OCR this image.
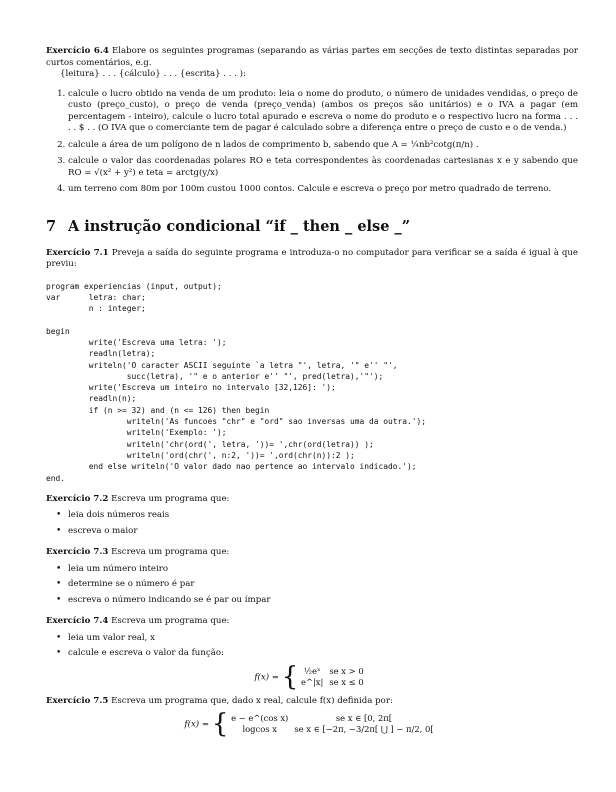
Exercício 6.4 Elabore os seguintes programas (separando as várias partes em secções de texto distintas separadas por curtos comentários, e.g.

{leitura} . . . {cálculo} . . . {escrita} . . . ):

1. calcule o lucro obtido na venda de um produto: leia o nome do produto, o número de unidades vendidas, o preço de custo (preço_custo), o preço de venda (preço_venda) (ambos os preços são unitários) e o IVA a pagar (em percentagem - inteiro), calcule o lucro total apurado e escreva o nome do produto e o respectivo lucro na forma . . . . . $ . . (O IVA que o comerciante tem de pagar é calculado sobre a diferença entre o preço de custo e o de venda.)
2. calcule a área de um polígono de n lados de comprimento b, sabendo que A = ¼nb²cotg(π/n) .
3. calcule o valor das coordenadas polares RO e teta correspondentes às coordenadas cartesianas x e y sabendo que RO = √(x² + y²) e teta = arctg(y/x)
4. um terreno com 80m por 100m custou 1000 contos. Calcule e escreva o preço por metro quadrado de terreno.
7 A instrução condicional “if _ then _ else _”

Exercício 7.1 Preveja a saída do seguinte programa e introduza-o no computador para verificar se a saída é igual à que previu:

program experiencias (input, output);
var      letra: char;
n : integer;

begin
write('Escreva uma letra: ');
readln(letra);
writeln('O caracter ASCII seguinte `a letra "', letra, '" e'' "',
succ(letra), '" e o anterior e'' "', pred(letra),'"');
write('Escreva um inteiro no intervalo [32,126]: ');
readln(n);
if (n >= 32) and (n <= 126) then begin
writeln('As funcoes "chr" e "ord" sao inversas uma da outra.');
writeln('Exemplo: ');
writeln('chr(ord(', letra, '))= ',chr(ord(letra)) );
writeln('ord(chr(', n:2, '))= ',ord(chr(n)):2 );
end else writeln('O valor dado nao pertence ao intervalo indicado.');
end.

Exercício 7.2 Escreva um programa que:

• leia dois números reais
• escreva o maior

Exercício 7.3 Escreva um programa que:

• leia um número inteiro
• determine se o número é par
• escreva o número indicando se é par ou ímpar

Exercício 7.4 Escreva um programa que:

• leia um valor real, x
• calcule e escreva o valor da função:
f(x) = { ½eˣ	se x > 0
e^|x|	se x ≤ 0

Exercício 7.5 Escreva um programa que, dado x real, calcule f(x) definida por:

f(x) = { e − e^(cos x)	se x ∈ [0, 2π[
logcos x	se x ∈ [−2π, −3/2π[ ⋃ ] − π/2, 0[
